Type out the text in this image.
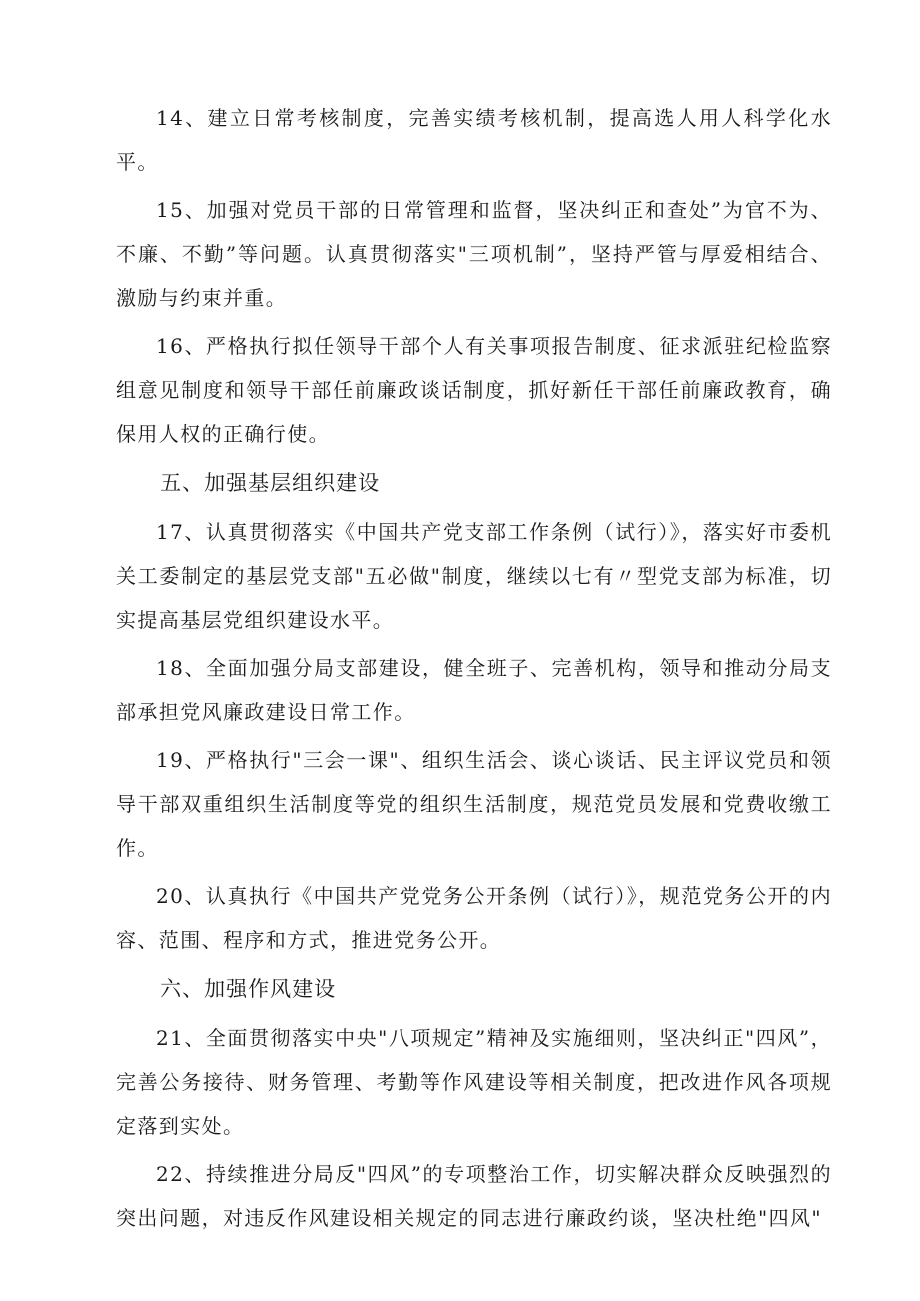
14、建立日常考核制度，完善实绩考核机制，提高选人用人科学化水平。

15、加强对党员干部的日常管理和监督，坚决纠正和查处”为官不为、不廉、不勤”等问题。认真贯彻落实"三项机制”，坚持严管与厚爱相结合、激励与约束并重。

16、严格执行拟任领导干部个人有关事项报告制度、征求派驻纪检监察组意见制度和领导干部任前廉政谈话制度，抓好新任干部任前廉政教育，确保用人权的正确行使。

五、加强基层组织建设

17、认真贯彻落实《中国共产党支部工作条例（试行）》，落实好市委机关工委制定的基层党支部"五必做"制度，继续以七有〃型党支部为标准，切实提高基层党组织建设水平。

18、全面加强分局支部建设，健全班子、完善机构，领导和推动分局支部承担党风廉政建设日常工作。

19、严格执行"三会一课"、组织生活会、谈心谈话、民主评议党员和领导干部双重组织生活制度等党的组织生活制度，规范党员发展和党费收缴工作。

20、认真执行《中国共产党党务公开条例（试行）》，规范党务公开的内容、范围、程序和方式，推进党务公开。

六、加强作风建设

21、全面贯彻落实中央"八项规定”精神及实施细则，坚决纠正"四风”，完善公务接待、财务管理、考勤等作风建设等相关制度，把改进作风各项规定落到实处。

22、持续推进分局反"四风”的专项整治工作，切实解决群众反映强烈的突出问题，对违反作风建设相关规定的同志进行廉政约谈，坚决杜绝"四风"
